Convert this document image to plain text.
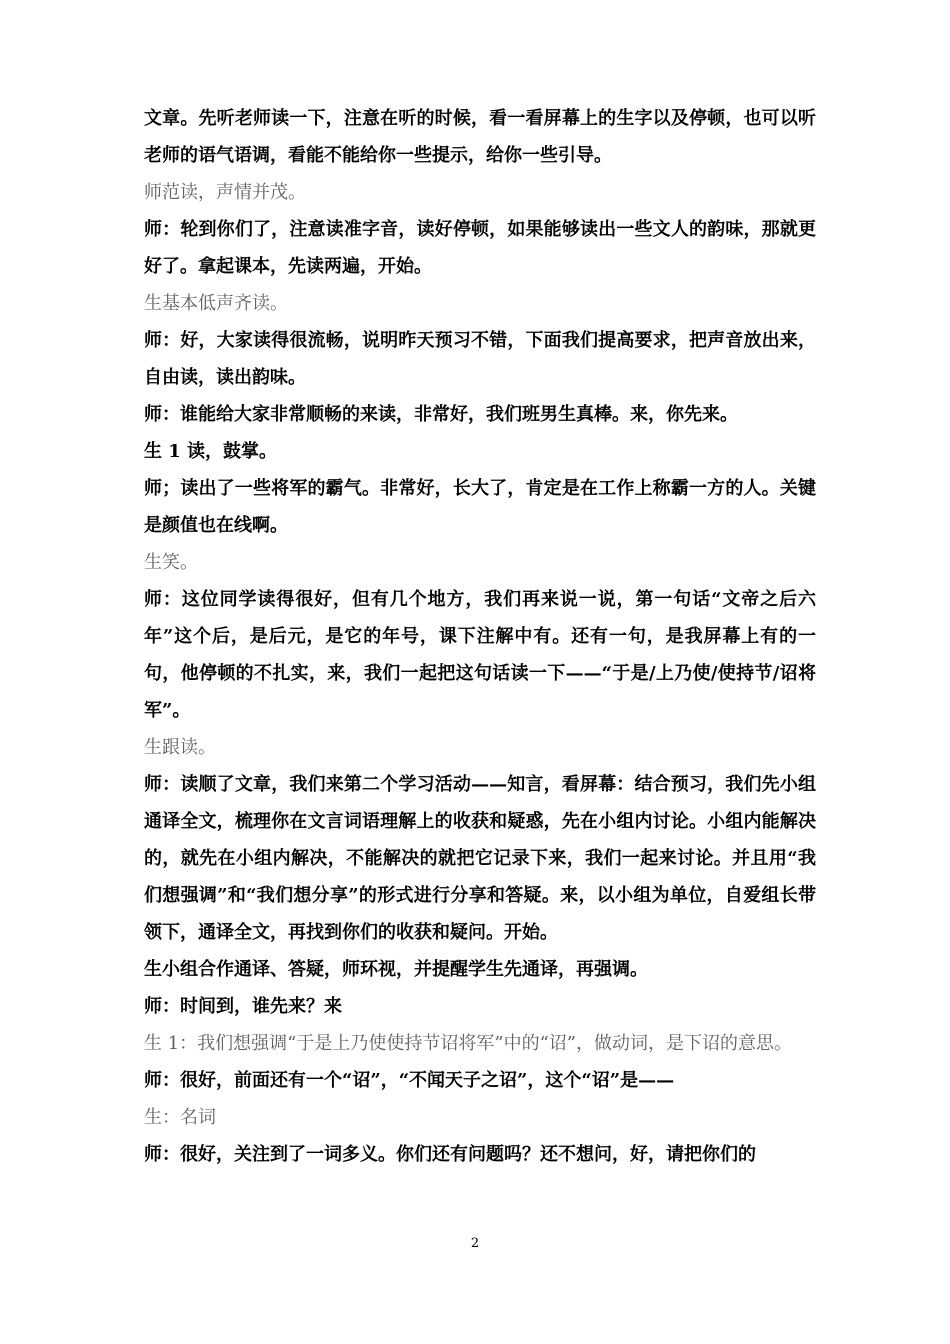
文章。先听老师读一下，注意在听的时候，看一看屏幕上的生字以及停顿，也可以听老师的语气语调，看能不能给你一些提示，给你一些引导。

师范读，声情并茂。

师：轮到你们了，注意读准字音，读好停顿，如果能够读出一些文人的韵味，那就更好了。拿起课本，先读两遍，开始。

生基本低声齐读。

师：好，大家读得很流畅，说明昨天预习不错，下面我们提高要求，把声音放出来，自由读，读出韵味。

师：谁能给大家非常顺畅的来读，非常好，我们班男生真棒。来，你先来。

生 1 读，鼓掌。

师；读出了一些将军的霸气。非常好，长大了，肯定是在工作上称霸一方的人。关键是颜值也在线啊。

生笑。

师：这位同学读得很好，但有几个地方，我们再来说一说，第一句话“文帝之后六年”这个后，是后元，是它的年号，课下注解中有。还有一句，是我屏幕上有的一句，他停顿的不扎实，来，我们一起把这句话读一下——“于是/上乃使/使持节/诏将军”。

生跟读。

师：读顺了文章，我们来第二个学习活动——知言，看屏幕：结合预习，我们先小组通译全文，梳理你在文言词语理解上的收获和疑惑，先在小组内讨论。小组内能解决的，就先在小组内解决，不能解决的就把它记录下来，我们一起来讨论。并且用“我们想强调”和“我们想分享”的形式进行分享和答疑。来，以小组为单位，自爱组长带领下，通译全文，再找到你们的收获和疑问。开始。

生小组合作通译、答疑，师环视，并提醒学生先通译，再强调。

师：时间到，谁先来？来

生 1：我们想强调“于是上乃使使持节诏将军”中的“诏”，做动词，是下诏的意思。

师：很好，前面还有一个“诏”，“不闻天子之诏”，这个“诏”是——

生：名词

师：很好，关注到了一词多义。你们还有问题吗？还不想问，好，请把你们的

2
